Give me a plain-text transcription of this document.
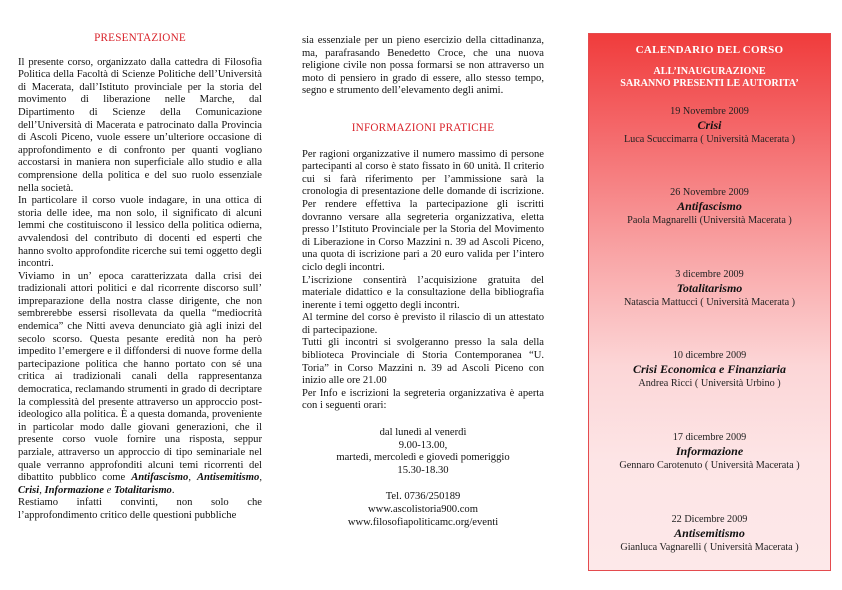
PRESENTAZIONE
Il presente corso, organizzato dalla cattedra di Filosofia Politica della Facoltà di Scienze Politiche dell’Università di Macerata, dall’Istituto provinciale per la storia del movimento di liberazione nelle Marche, dal Dipartimento di Scienze della Comunicazione dell’Università di Macerata e patrocinato dalla Provincia di Ascoli Piceno, vuole essere un’ulteriore occasione di approfondimento e di confronto per quanti vogliano accostarsi in maniera non superficiale allo studio e alla comprensione della politica e del suo ruolo essenziale nella società.
In particolare il corso vuole indagare, in una ottica di storia delle idee, ma non solo, il significato di alcuni lemmi che costituiscono il lessico della politica odierna, avvalendosi del contributo di docenti ed esperti che hanno svolto approfondite ricerche sui temi oggetto degli incontri.
Viviamo in un’ epoca caratterizzata dalla crisi dei tradizionali attori politici e dal ricorrente discorso sull’ impreparazione della nostra classe dirigente, che non sembrerebbe essersi risollevata da quella “mediocrità endemica” che Nitti aveva denunciato già agli inizi del secolo scorso. Questa pesante eredità non ha però impedito l’emergere e il diffondersi di nuove forme della partecipazione politica che hanno portato con sé una critica ai tradizionali canali della rappresentanza democratica, reclamando strumenti in grado di decriptare la complessità del presente attraverso un approccio post-ideologico alla politica. È a questa domanda, proveniente in particolar modo dalle giovani generazioni, che il presente corso vuole fornire una risposta, seppur parziale, attraverso un approccio di tipo seminariale nel quale verranno approfonditi alcuni temi ricorrenti del dibattito pubblico come Antifascismo, Antisemitismo, Crisi, Informazione e Totalitarismo.
Restiamo infatti convinti, non solo che l’approfondimento critico delle questioni pubbliche
sia essenziale per un pieno esercizio della cittadinanza, ma, parafrasando Benedetto Croce, che una nuova religione civile non possa formarsi se non attraverso un moto di pensiero in grado di essere, allo stesso tempo, segno e strumento dell’elevamento degli animi.
INFORMAZIONI PRATICHE
Per ragioni organizzative il numero massimo di persone partecipanti al corso è stato fissato in 60 unità. Il criterio cui si farà riferimento per l’ammissione sarà la cronologia di presentazione delle domande di iscrizione. Per rendere effettiva la partecipazione gli iscritti dovranno versare alla segreteria organizzativa, eletta presso l’Istituto Provinciale per la Storia del Movimento di Liberazione in Corso Mazzini n. 39 ad Ascoli Piceno, una quota di iscrizione pari a 20 euro valida per l’intero ciclo degli incontri.
L’iscrizione consentirà l’acquisizione gratuita del materiale didattico e la consultazione della bibliografia inerente i temi oggetto degli incontri.
Al termine del corso è previsto il rilascio di un attestato di partecipazione.
Tutti gli incontri si svolgeranno presso la sala della biblioteca Provinciale di Storia Contemporanea “U. Toria” in Corso Mazzini n. 39 ad Ascoli Piceno con inizio alle ore 21.00
Per Info e iscrizioni la segreteria organizzativa è aperta con i seguenti orari:
dal lunedì al venerdì
9.00-13.00,
martedì, mercoledì e giovedì pomeriggio
15.30-18.30
Tel. 0736/250189
www.ascolistoria900.com
www.filosofiapoliticamc.org/eventi
CALENDARIO DEL CORSO
ALL’INAUGURAZIONE
SARANNO PRESENTI LE AUTORITA’
19 Novembre 2009
Crisi
Luca Scuccimarra ( Università Macerata )
26 Novembre 2009
Antifascismo
Paola Magnarelli (Università Macerata )
3 dicembre 2009
Totalitarismo
Natascia Mattucci ( Università Macerata )
10 dicembre 2009
Crisi Economica e Finanziaria
Andrea Ricci ( Università Urbino )
17 dicembre 2009
Informazione
Gennaro Carotenuto ( Università Macerata )
22 Dicembre 2009
Antisemitismo
Gianluca Vagnarelli ( Università Macerata )
